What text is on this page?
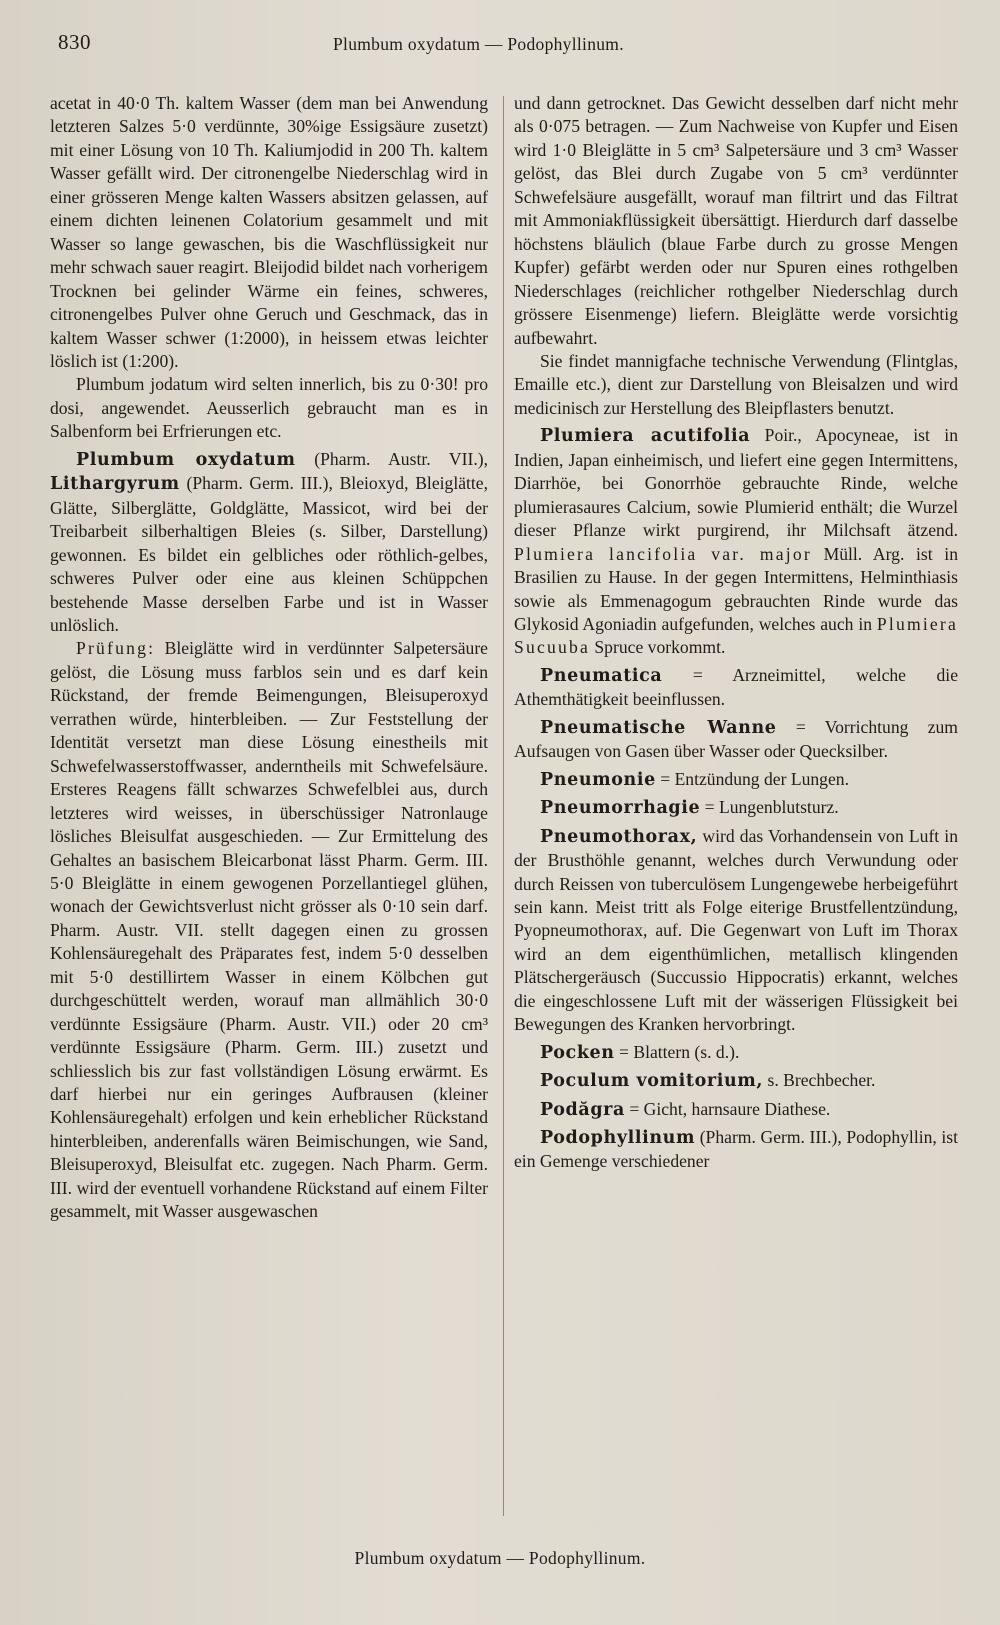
830	Plumbum oxydatum — Podophyllinum.

acetat in 40·0 Th. kaltem Wasser (dem man bei Anwendung letzteren Salzes 5·0 verdünnte, 30%ige Essigsäure zusetzt) mit einer Lösung von 10 Th. Kaliumjodid in 200 Th. kaltem Wasser gefällt wird. Der citronengelbe Niederschlag wird in einer grösseren Menge kalten Wassers absitzen gelassen, auf einem dichten leinenen Colatorium gesammelt und mit Wasser so lange gewaschen, bis die Waschflüssigkeit nur mehr schwach sauer reagirt. Bleijodid bildet nach vorherigem Trocknen bei gelinder Wärme ein feines, schweres, citronengelbes Pulver ohne Geruch und Geschmack, das in kaltem Wasser schwer (1:2000), in heissem etwas leichter löslich ist (1:200).

Plumbum jodatum wird selten innerlich, bis zu 0·30! pro dosi, angewendet. Aeusserlich gebraucht man es in Salbenform bei Erfrierungen etc.

Plumbum oxydatum (Pharm. Austr. VII.), Lithargyrum (Pharm. Germ. III.), Bleioxyd, Bleiglätte, Glätte, Silberglätte, Goldglätte, Massicot, wird bei der Treibarbeit silberhaltigen Bleies (s. Silber, Darstellung) gewonnen. Es bildet ein gelbliches oder röthlich-gelbes, schweres Pulver oder eine aus kleinen Schüppchen bestehende Masse derselben Farbe und ist in Wasser unlöslich.

Prüfung: Bleiglätte wird in verdünnter Salpetersäure gelöst, die Lösung muss farblos sein und es darf kein Rückstand, der fremde Beimengungen, Bleisuperoxyd verrathen würde, hinterbleiben. — Zur Feststellung der Identität versetzt man diese Lösung einestheils mit Schwefelwasserstoffwasser, anderntheils mit Schwefelsäure. Ersteres Reagens fällt schwarzes Schwefelblei aus, durch letzteres wird weisses, in überschüssiger Natronlauge lösliches Bleisulfat ausgeschieden. — Zur Ermittelung des Gehaltes an basischem Bleicarbonat lässt Pharm. Germ. III. 5·0 Bleiglätte in einem gewogenen Porzellantiegel glühen, wonach der Gewichtsverlust nicht grösser als 0·10 sein darf. Pharm. Austr. VII. stellt dagegen einen zu grossen Kohlensäuregehalt des Präparates fest, indem 5·0 desselben mit 5·0 destillirtem Wasser in einem Kölbchen gut durchgeschüttelt werden, worauf man allmählich 30·0 verdünnte Essigsäure (Pharm. Austr. VII.) oder 20 cm³ verdünnte Essigsäure (Pharm. Germ. III.) zusetzt und schliesslich bis zur fast vollständigen Lösung erwärmt. Es darf hierbei nur ein geringes Aufbrausen (kleiner Kohlensäuregehalt) erfolgen und kein erheblicher Rückstand hinterbleiben, anderenfalls wären Beimischungen, wie Sand, Bleisuperoxyd, Bleisulfat etc. zugegen. Nach Pharm. Germ. III. wird der eventuell vorhandene Rückstand auf einem Filter gesammelt, mit Wasser ausgewaschen

und dann getrocknet. Das Gewicht desselben darf nicht mehr als 0·075 betragen. — Zum Nachweise von Kupfer und Eisen wird 1·0 Bleiglätte in 5 cm³ Salpetersäure und 3 cm³ Wasser gelöst, das Blei durch Zugabe von 5 cm³ verdünnter Schwefelsäure ausgefällt, worauf man filtrirt und das Filtrat mit Ammoniakflüssigkeit übersättigt. Hierdurch darf dasselbe höchstens bläulich (blaue Farbe durch zu grosse Mengen Kupfer) gefärbt werden oder nur Spuren eines rothgelben Niederschlages (reichlicher rothgelber Niederschlag durch grössere Eisenmenge) liefern. Bleiglätte werde vorsichtig aufbewahrt.

Sie findet mannigfache technische Verwendung (Flintglas, Emaille etc.), dient zur Darstellung von Bleisalzen und wird medicinisch zur Herstellung des Bleipflasters benutzt.

Plumiera acutifolia Poir., Apocyneae, ist in Indien, Japan einheimisch, und liefert eine gegen Intermittens, Diarrhöe, bei Gonorrhöe gebrauchte Rinde, welche plumierasaures Calcium, sowie Plumierid enthält; die Wurzel dieser Pflanze wirkt purgirend, ihr Milchsaft ätzend. Plumiera lancifolia var. major Müll. Arg. ist in Brasilien zu Hause. In der gegen Intermittens, Helminthiasis sowie als Emmenagogum gebrauchten Rinde wurde das Glykosid Agoniadin aufgefunden, welches auch in Plumiera Sucuuba Spruce vorkommt.

Pneumatica = Arzneimittel, welche die Athemthätigkeit beeinflussen.

Pneumatische Wanne = Vorrichtung zum Aufsaugen von Gasen über Wasser oder Quecksilber.

Pneumonie = Entzündung der Lungen.

Pneumorrhagie = Lungenblutsturz.

Pneumothorax, wird das Vorhandensein von Luft in der Brusthöhle genannt, welches durch Verwundung oder durch Reissen von tuberculösem Lungengewebe herbeigeführt sein kann. Meist tritt als Folge eiterige Brustfellentzündung, Pyopneumothorax, auf. Die Gegenwart von Luft im Thorax wird an dem eigenthümlichen, metallisch klingenden Plätschergeräusch (Succussio Hippocratis) erkannt, welches die eingeschlossene Luft mit der wässerigen Flüssigkeit bei Bewegungen des Kranken hervorbringt.

Pocken = Blattern (s. d.).

Poculum vomitorium, s. Brechbecher.

Podăgra = Gicht, harnsaure Diathese.

Podophyllinum (Pharm. Germ. III.), Podophyllin, ist ein Gemenge verschiedener

Plumbum oxydatum — Podophyllinum.
